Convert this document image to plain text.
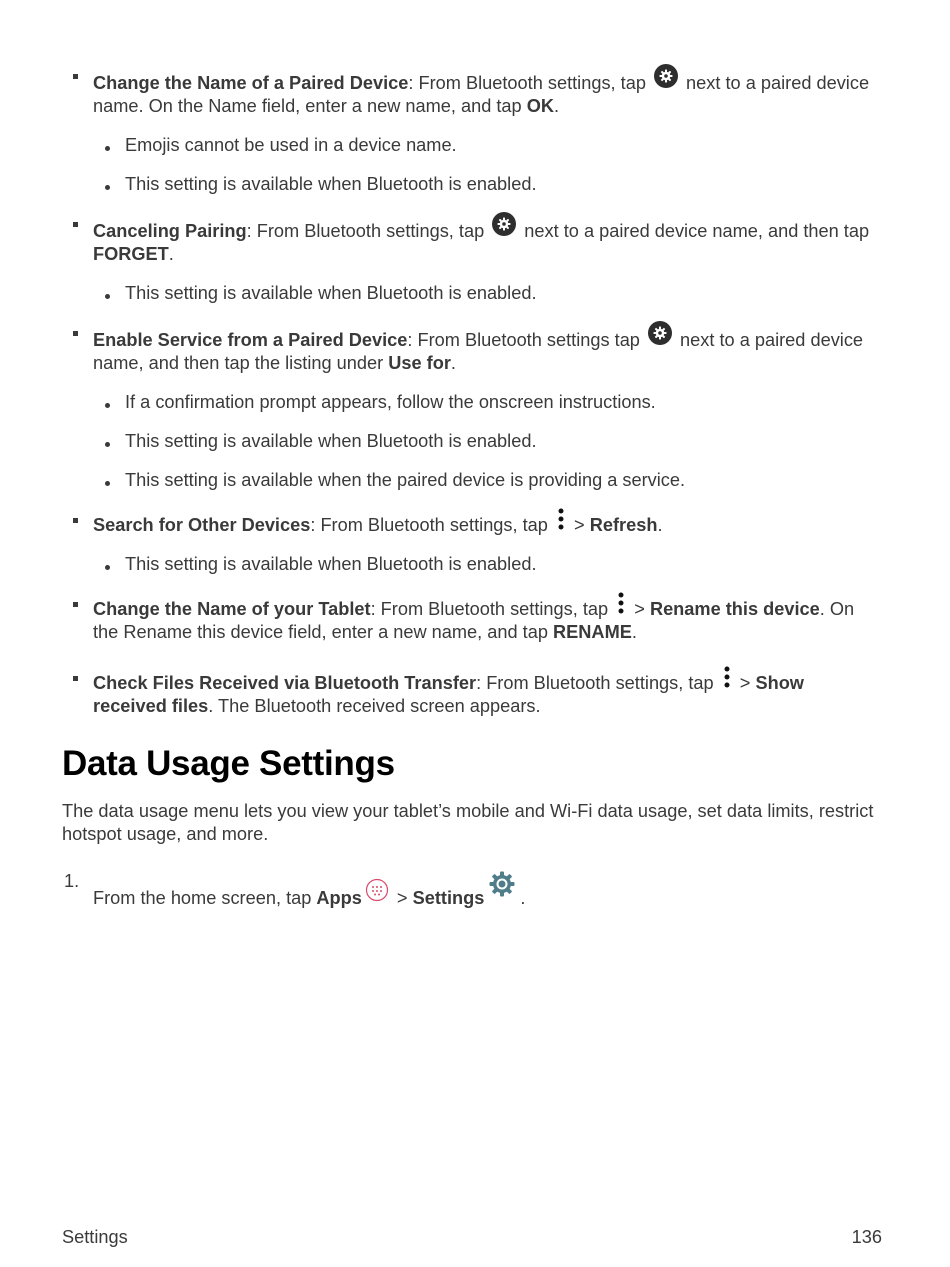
Change the Name of a Paired Device: From Bluetooth settings, tap  next to a paired device name. On the Name field, enter a new name, and tap OK.
Emojis cannot be used in a device name.
This setting is available when Bluetooth is enabled.
Canceling Pairing: From Bluetooth settings, tap  next to a paired device name, and then tap FORGET.
This setting is available when Bluetooth is enabled.
Enable Service from a Paired Device: From Bluetooth settings tap  next to a paired device name, and then tap the listing under Use for.
If a confirmation prompt appears, follow the onscreen instructions.
This setting is available when Bluetooth is enabled.
This setting is available when the paired device is providing a service.
Search for Other Devices: From Bluetooth settings, tap  > Refresh.
This setting is available when Bluetooth is enabled.
Change the Name of your Tablet: From Bluetooth settings, tap  > Rename this device. On the Rename this device field, enter a new name, and tap RENAME.
Check Files Received via Bluetooth Transfer: From Bluetooth settings, tap  > Show received files. The Bluetooth received screen appears.
Data Usage Settings

The data usage menu lets you view your tablet’s mobile and Wi-Fi data usage, set data limits, restrict hotspot usage, and more.

1.
From the home screen, tap Apps > Settings .
Settings	136
